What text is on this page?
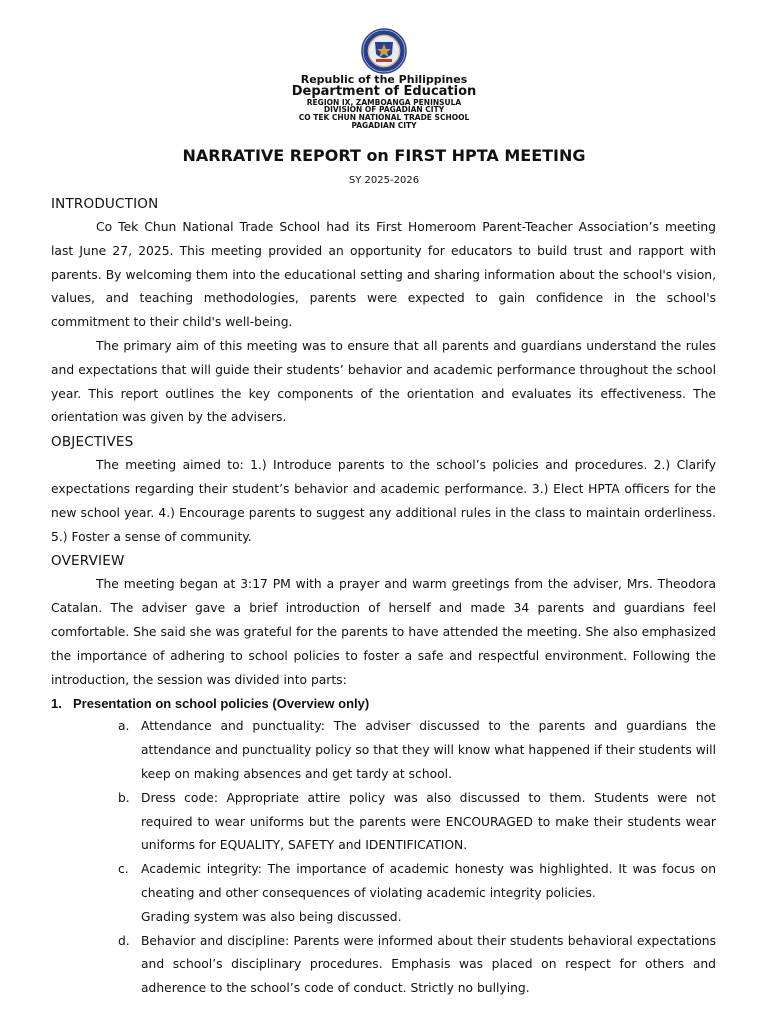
Republic of the Philippines
Department of Education
REGION IX, ZAMBOANGA PENINSULA
DIVISION OF PAGADIAN CITY
CO TEK CHUN NATIONAL TRADE SCHOOL
PAGADIAN CITY
NARRATIVE REPORT on FIRST HPTA MEETING
SY 2025-2026

INTRODUCTION

Co Tek Chun National Trade School had its First Homeroom Parent-Teacher Association’s meeting last June 27, 2025. This meeting provided an opportunity for educators to build trust and rapport with parents. By welcoming them into the educational setting and sharing information about the school's vision, values, and teaching methodologies, parents were expected to gain confidence in the school's commitment to their child's well-being.

The primary aim of this meeting was to ensure that all parents and guardians understand the rules and expectations that will guide their students’ behavior and academic performance throughout the school year. This report outlines the key components of the orientation and evaluates its effectiveness. The orientation was given by the advisers.

OBJECTIVES

The meeting aimed to: 1.) Introduce parents to the school’s policies and procedures. 2.) Clarify expectations regarding their student’s behavior and academic performance. 3.) Elect HPTA officers for the new school year. 4.) Encourage parents to suggest any additional rules in the class to maintain orderliness. 5.) Foster a sense of community.

OVERVIEW

The meeting began at 3:17 PM with a prayer and warm greetings from the adviser, Mrs. Theodora Catalan. The adviser gave a brief introduction of herself and made 34 parents and guardians feel comfortable. She said she was grateful for the parents to have attended the meeting. She also emphasized the importance of adhering to school policies to foster a safe and respectful environment. Following the introduction, the session was divided into parts:

1. Presentation on school policies (Overview only)

a. Attendance and punctuality: The adviser discussed to the parents and guardians the attendance and punctuality policy so that they will know what happened if their students will keep on making absences and get tardy at school.

b. Dress code: Appropriate attire policy was also discussed to them. Students were not required to wear uniforms but the parents were ENCOURAGED to make their students wear uniforms for EQUALITY, SAFETY and IDENTIFICATION.

c. Academic integrity: The importance of academic honesty was highlighted. It was focus on cheating and other consequences of violating academic integrity policies.

Grading system was also being discussed.

d. Behavior and discipline: Parents were informed about their students behavioral expectations and school’s disciplinary procedures. Emphasis was placed on respect for others and adherence to the school’s code of conduct. Strictly no bullying.
